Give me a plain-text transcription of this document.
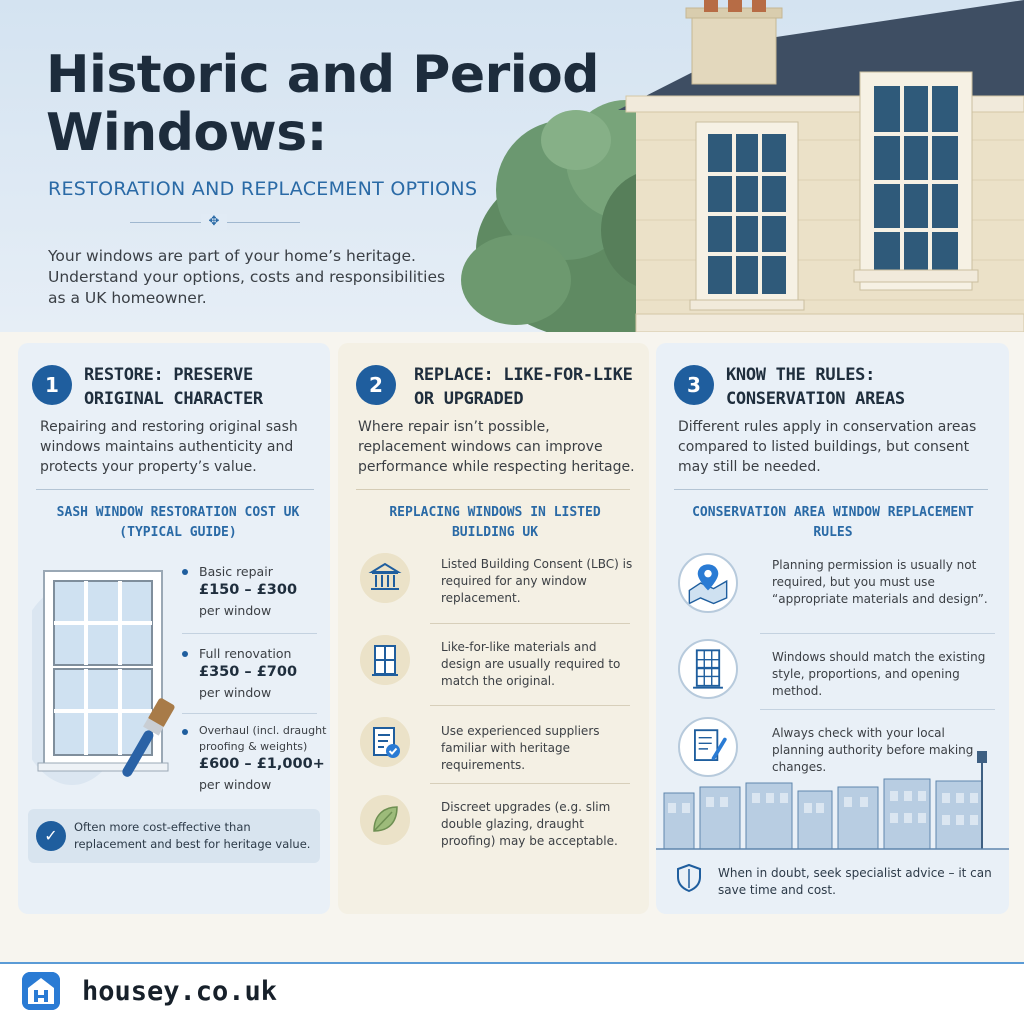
Historic and Period Windows:
RESTORATION AND REPLACEMENT OPTIONS
✥
Your windows are part of your home’s heritage. Understand your options, costs and responsibilities as a UK homeowner.
1	RESTORE: PRESERVE ORIGINAL CHARACTER
Repairing and restoring original sash windows maintains authenticity and protects your property’s value.
SASH WINDOW RESTORATION COST UK (TYPICAL GUIDE)
Basic repair
£150 – £300
per window
Full renovation
£350 – £700
per window
Overhaul (incl. draught proofing & weights)
£600 – £1,000+
per window
✓	Often more cost-effective than replacement and best for heritage value.
2	REPLACE: LIKE-FOR-LIKE OR UPGRADED
Where repair isn’t possible, replacement windows can improve performance while respecting heritage.
REPLACING WINDOWS IN LISTED BUILDING UK
Listed Building Consent (LBC) is required for any window replacement.
Like-for-like materials and design are usually required to match the original.
Use experienced suppliers familiar with heritage requirements.
Discreet upgrades (e.g. slim double glazing, draught proofing) may be acceptable.
3	KNOW THE RULES: CONSERVATION AREAS
Different rules apply in conservation areas compared to listed buildings, but consent may still be needed.
CONSERVATION AREA WINDOW REPLACEMENT RULES
Planning permission is usually not required, but you must use “appropriate materials and design”.
Windows should match the existing style, proportions, and opening method.
Always check with your local planning authority before making changes.
When in doubt, seek specialist advice – it can save time and cost.
housey.co.uk
